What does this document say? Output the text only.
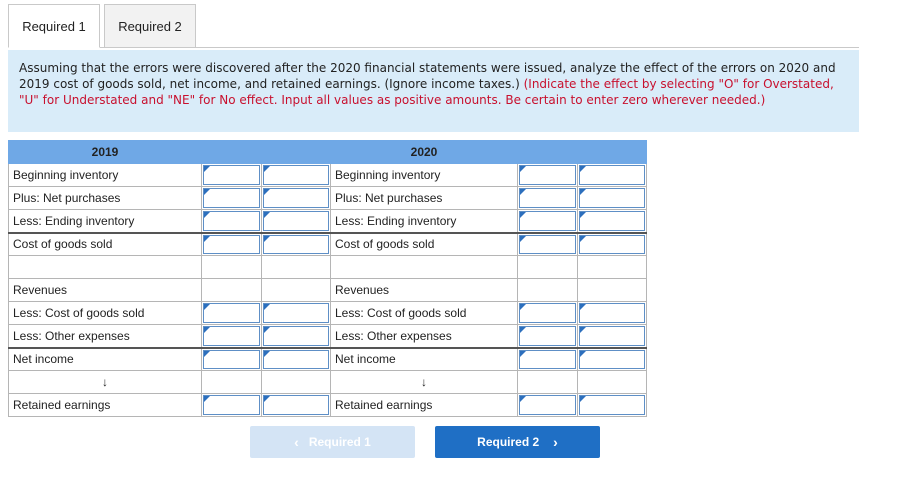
Required 1	Required 2
Assuming that the errors were discovered after the 2020 financial statements were issued, analyze the effect of the errors on 2020 and 2019 cost of goods sold, net income, and retained earnings. (Ignore income taxes.) (Indicate the effect by selecting "O" for Overstated, "U" for Understated and "NE" for No effect. Input all values as positive amounts. Be certain to enter zero wherever needed.)
2019			2020		
Beginning inventory			Beginning inventory	

Plus: Net purchases			Plus: Net purchases	

Less: Ending inventory			Less: Ending inventory	

Cost of goods sold			Cost of goods sold	

Revenues			Revenues		
Less: Cost of goods sold			Less: Cost of goods sold	

Less: Other expenses			Less: Other expenses	

Net income			Net income	

↓			↓		
Retained earnings			Retained earnings	

‹ Required 1	Required 2 ›
